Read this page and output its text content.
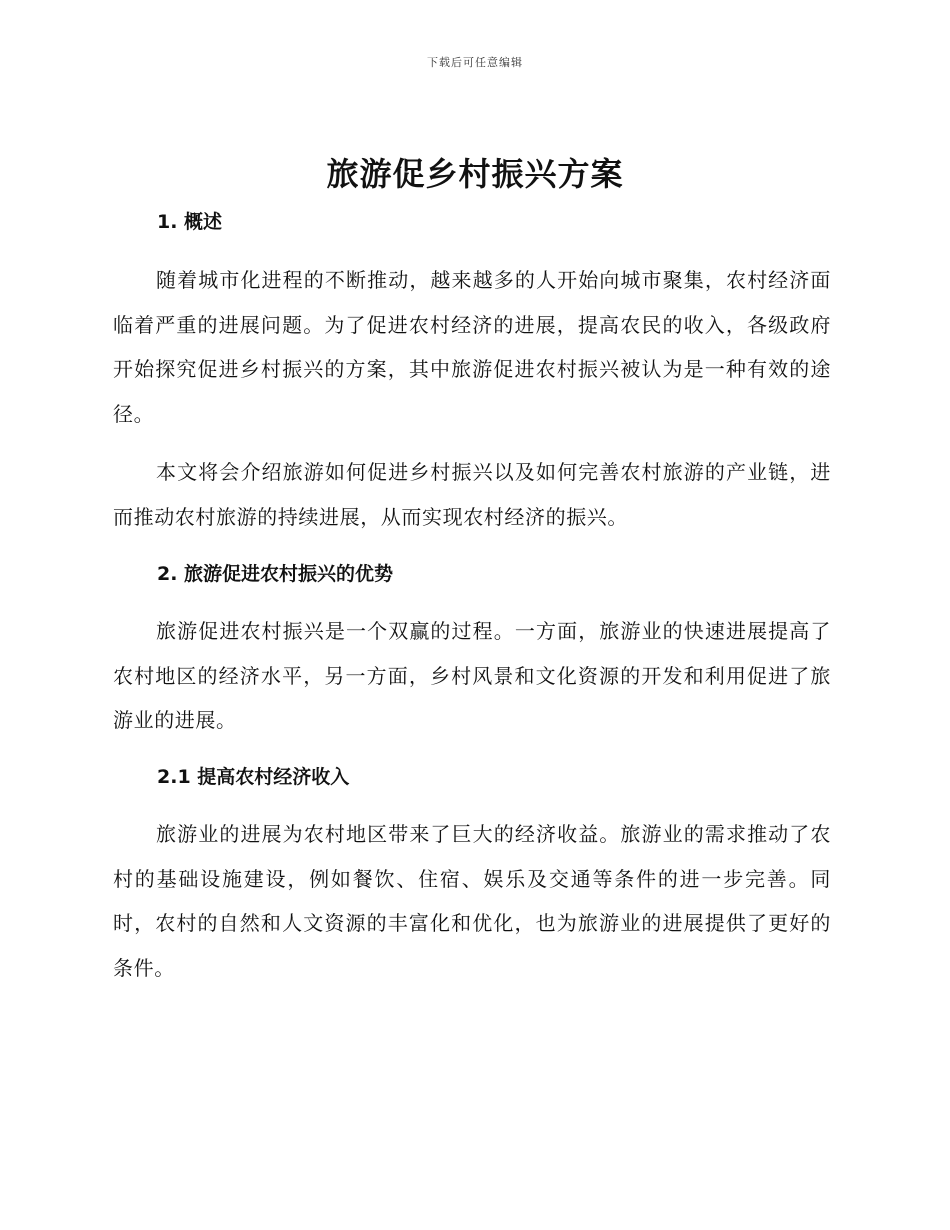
下载后可任意编辑
旅游促乡村振兴方案
1. 概述

随着城市化进程的不断推动，越来越多的人开始向城市聚集，农村经济面临着严重的进展问题。为了促进农村经济的进展，提高农民的收入，各级政府开始探究促进乡村振兴的方案，其中旅游促进农村振兴被认为是一种有效的途径。

本文将会介绍旅游如何促进乡村振兴以及如何完善农村旅游的产业链，进而推动农村旅游的持续进展，从而实现农村经济的振兴。

2. 旅游促进农村振兴的优势

旅游促进农村振兴是一个双赢的过程。一方面，旅游业的快速进展提高了农村地区的经济水平，另一方面，乡村风景和文化资源的开发和利用促进了旅游业的进展。

2.1 提高农村经济收入

旅游业的进展为农村地区带来了巨大的经济收益。旅游业的需求推动了农村的基础设施建设，例如餐饮、住宿、娱乐及交通等条件的进一步完善。同时，农村的自然和人文资源的丰富化和优化，也为旅游业的进展提供了更好的条件。
